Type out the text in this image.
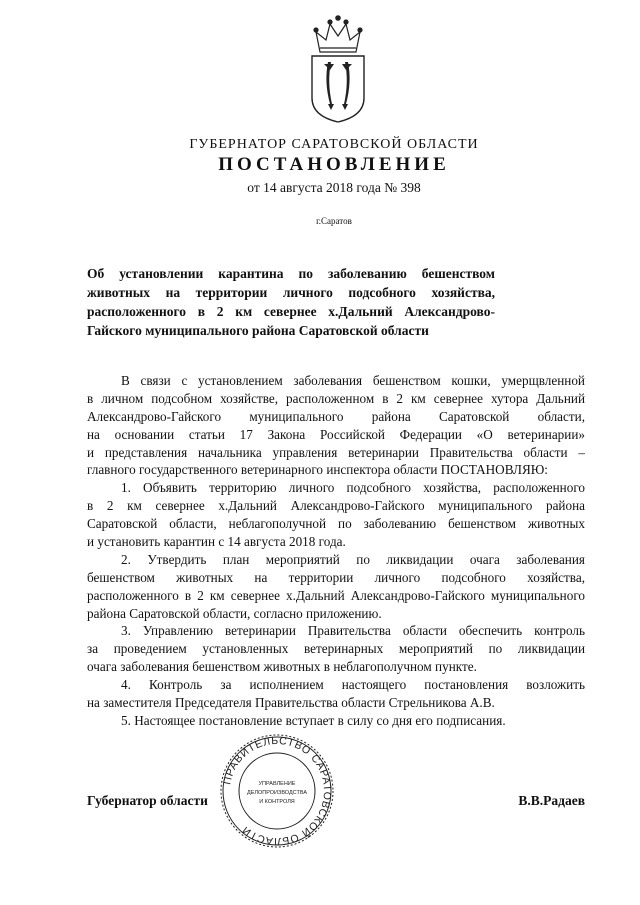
ГУБЕРНАТОР САРАТОВСКОЙ ОБЛАСТИ
ПОСТАНОВЛЕНИЕ
от 14 августа 2018 года № 398
г.Саратов
Об установлении карантина по заболеванию бешенством
животных на территории личного подсобного хозяйства,
расположенного в 2 км севернее х.Дальний Александрово-
Гайского муниципального района Саратовской области
В связи с установлением заболевания бешенством кошки, умерщвленной
в личном подсобном хозяйстве, расположенном в 2 км севернее хутора Дальний
Александрово-Гайского муниципального района Саратовской области,
на основании статьи 17 Закона Российской Федерации «О ветеринарии»
и представления начальника управления ветеринарии Правительства области –
главного государственного ветеринарного инспектора области ПОСТАНОВЛЯЮ:
1. Объявить территорию личного подсобного хозяйства, расположенного
в 2 км севернее х.Дальний Александрово-Гайского муниципального района
Саратовской области, неблагополучной по заболеванию бешенством животных
и установить карантин с 14 августа 2018 года.
2. Утвердить план мероприятий по ликвидации очага заболевания
бешенством животных на территории личного подсобного хозяйства,
расположенного в 2 км севернее х.Дальний Александрово-Гайского муниципального
района Саратовской области, согласно приложению.
3. Управлению ветеринарии Правительства области обеспечить контроль
за проведением установленных ветеринарных мероприятий по ликвидации
очага заболевания бешенством животных в неблагополучном пункте.
4. Контроль за исполнением настоящего постановления возложить
на заместителя Председателя Правительства области Стрельникова А.В.
5. Настоящее постановление вступает в силу со дня его подписания.
ПРАВИТЕЛЬСТВО САРАТОВСКОЙ ОБЛАСТИ
УПРАВЛЕНИЕ
ДЕЛОПРОИЗВОДСТВА
И КОНТРОЛЯ
Губернатор области	В.В.Радаев
